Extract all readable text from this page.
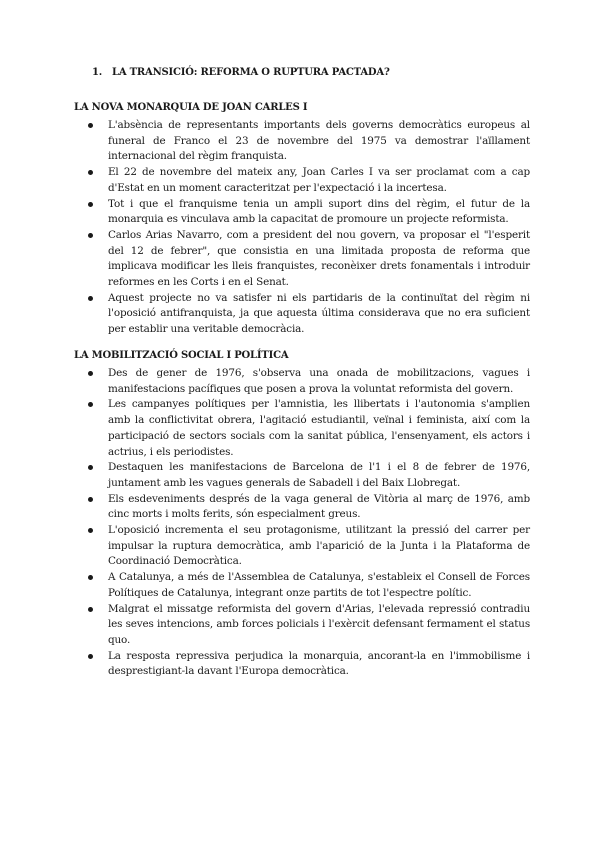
1. LA TRANSICIÓ: REFORMA O RUPTURA PACTADA?
LA NOVA MONARQUIA DE JOAN CARLES I
L'absència de representants importants dels governs democràtics europeus al funeral de Franco el 23 de novembre del 1975 va demostrar l'aïllament internacional del règim franquista.
El 22 de novembre del mateix any, Joan Carles I va ser proclamat com a cap d'Estat en un moment caracteritzat per l'expectació i la incertesa.
Tot i que el franquisme tenia un ampli suport dins del règim, el futur de la monarquia es vinculava amb la capacitat de promoure un projecte reformista.
Carlos Arias Navarro, com a president del nou govern, va proposar el "l'esperit del 12 de febrer", que consistia en una limitada proposta de reforma que implicava modificar les lleis franquistes, reconèixer drets fonamentals i introduir reformes en les Corts i en el Senat.
Aquest projecte no va satisfer ni els partidaris de la continuïtat del règim ni l'oposició antifranquista, ja que aquesta última considerava que no era suficient per establir una veritable democràcia.
LA MOBILITZACIÓ SOCIAL I POLÍTICA
Des de gener de 1976, s'observa una onada de mobilitzacions, vagues i manifestacions pacífiques que posen a prova la voluntat reformista del govern.
Les campanyes polítiques per l'amnistia, les llibertats i l'autonomia s'amplien amb la conflictivitat obrera, l'agitació estudiantil, veïnal i feminista, així com la participació de sectors socials com la sanitat pública, l'ensenyament, els actors i actrius, i els periodistes.
Destaquen les manifestacions de Barcelona de l'1 i el 8 de febrer de 1976, juntament amb les vagues generals de Sabadell i del Baix Llobregat.
Els esdeveniments després de la vaga general de Vitòria al març de 1976, amb cinc morts i molts ferits, són especialment greus.
L'oposició incrementa el seu protagonisme, utilitzant la pressió del carrer per impulsar la ruptura democràtica, amb l'aparició de la Junta i la Plataforma de Coordinació Democràtica.
A Catalunya, a més de l'Assemblea de Catalunya, s'estableix el Consell de Forces Polítiques de Catalunya, integrant onze partits de tot l'espectre polític.
Malgrat el missatge reformista del govern d'Arias, l'elevada repressió contradiu les seves intencions, amb forces policials i l'exèrcit defensant fermament el status quo.
La resposta repressiva perjudica la monarquia, ancorant-la en l'immobilisme i desprestigiant-la davant l'Europa democràtica.
